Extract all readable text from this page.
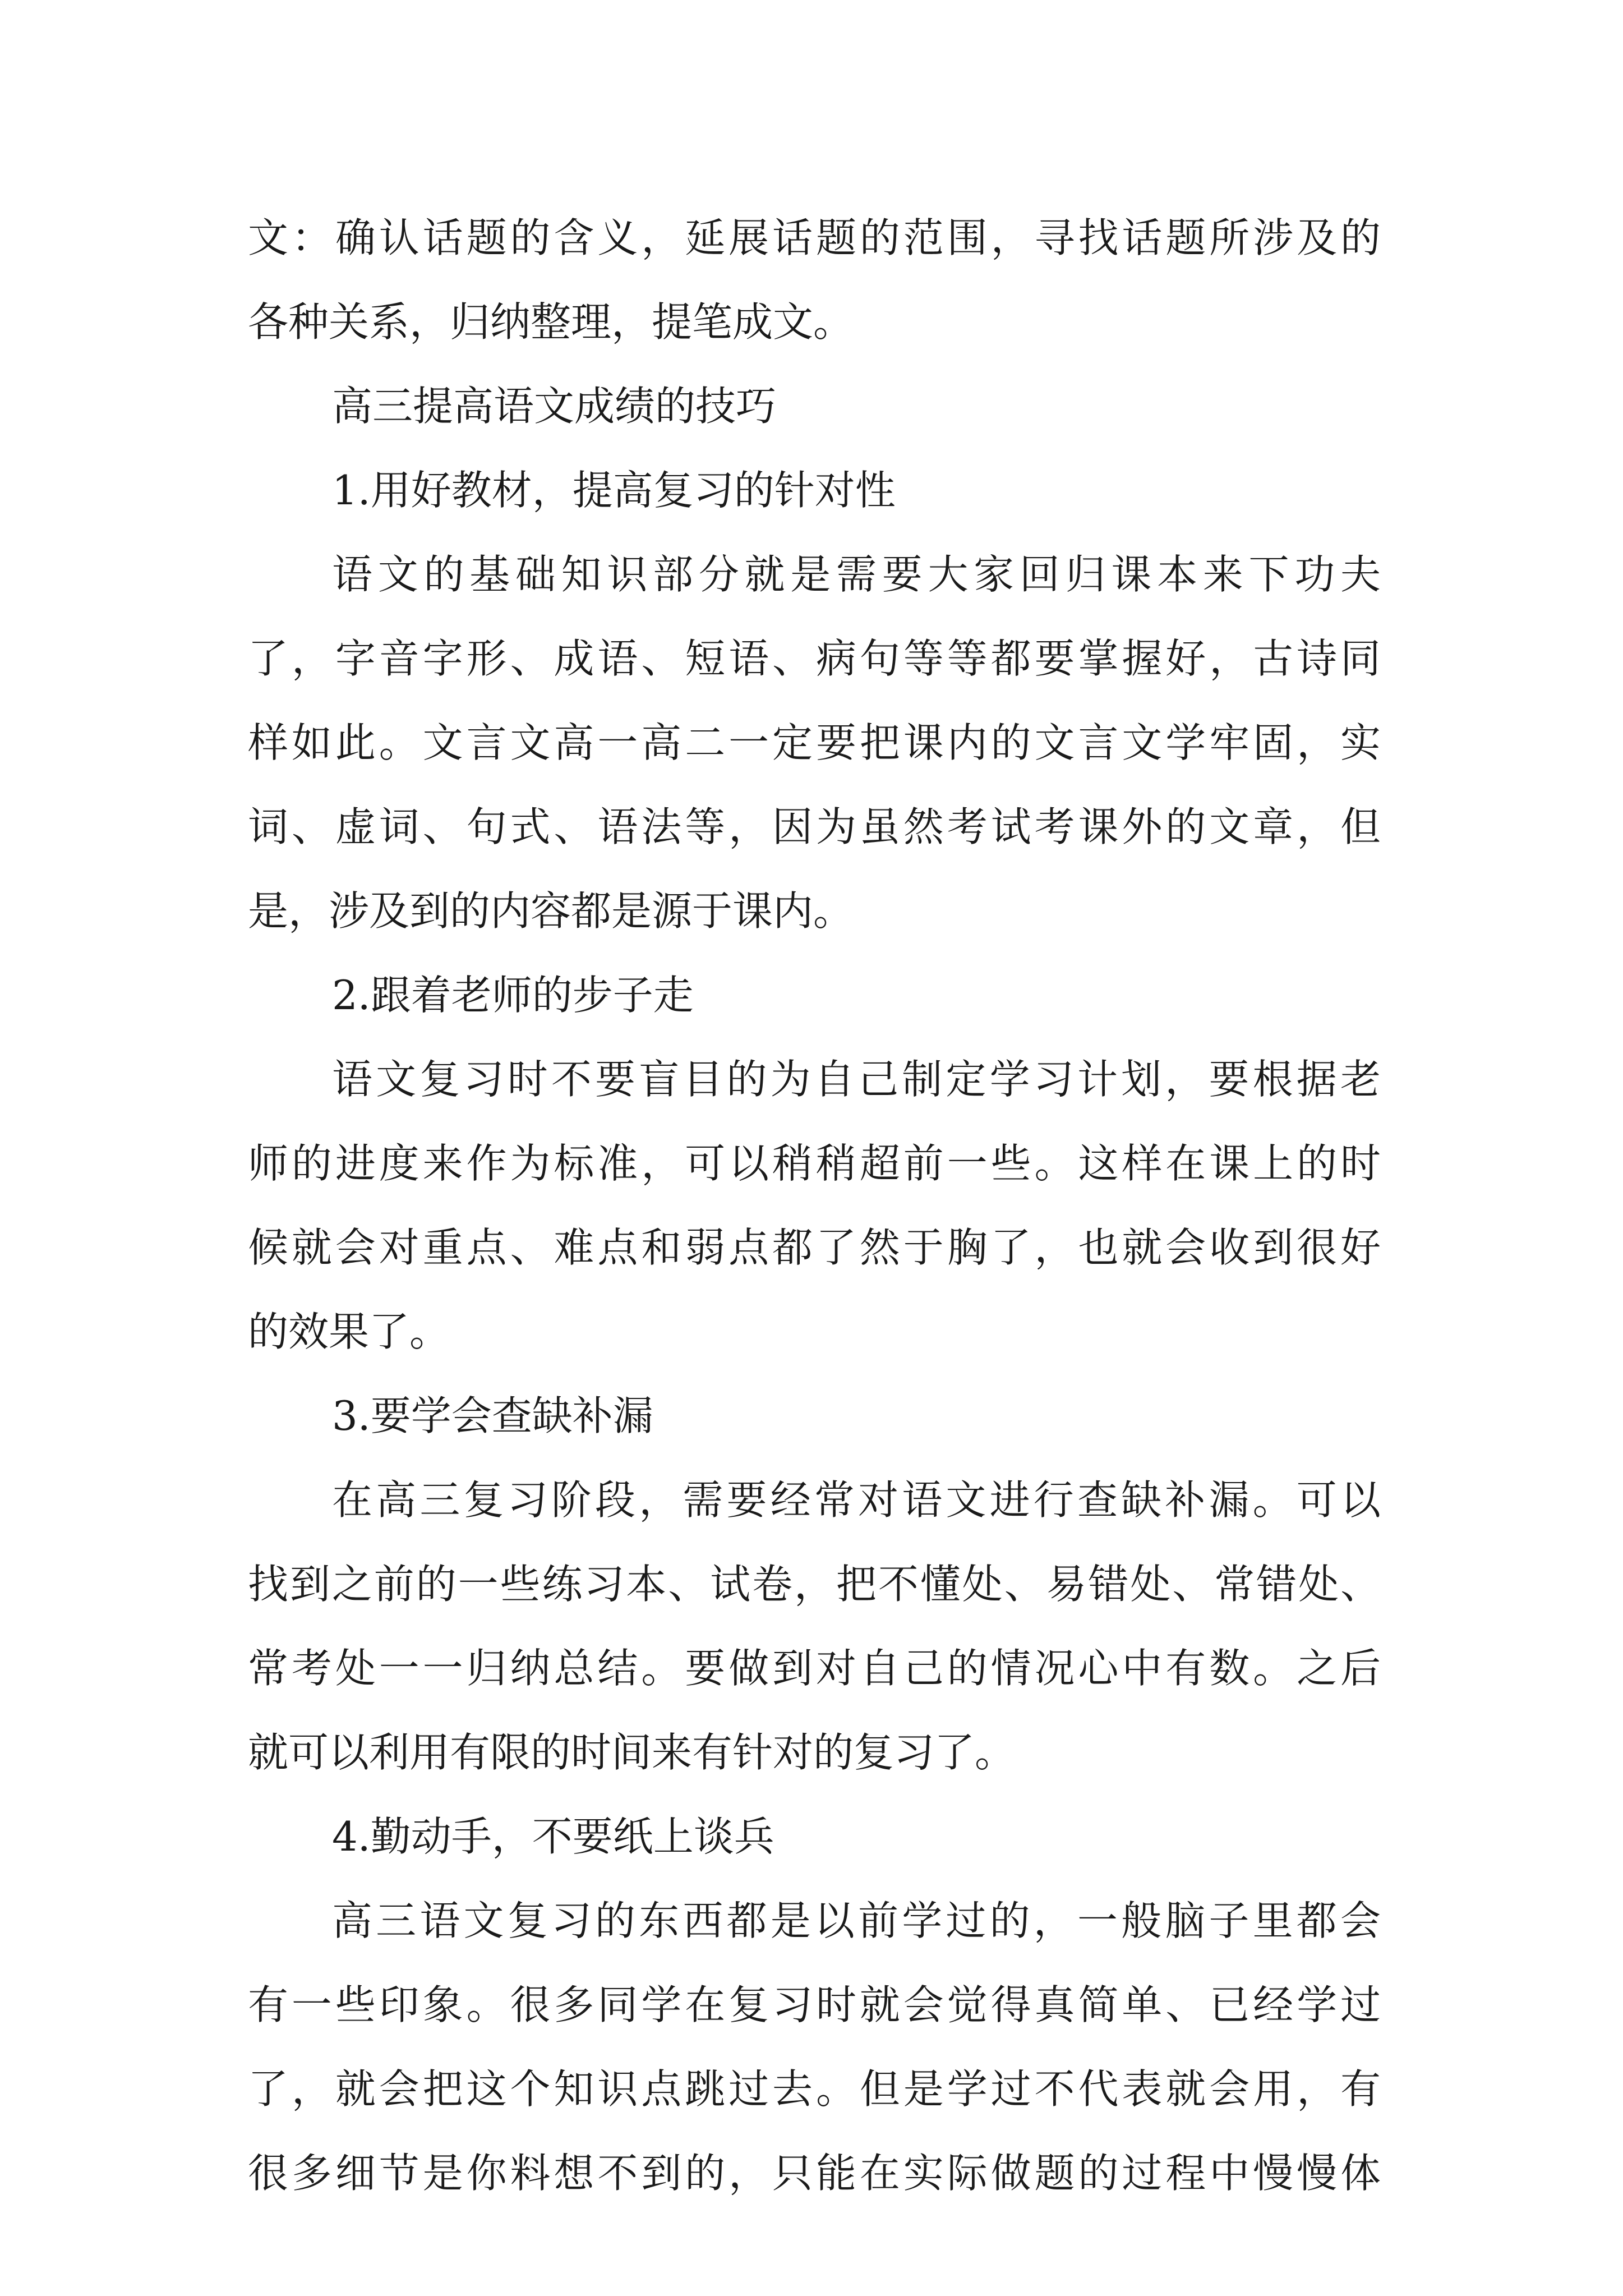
文：确认话题的含义，延展话题的范围，寻找话题所涉及的
各种关系，归纳整理，提笔成文。
高三提高语文成绩的技巧
1.用好教材，提高复习的针对性
语文的基础知识部分就是需要大家回归课本来下功夫
了，字音字形、成语、短语、病句等等都要掌握好，古诗同
样如此。文言文高一高二一定要把课内的文言文学牢固，实
词、虚词、句式、语法等，因为虽然考试考课外的文章，但
是，涉及到的内容都是源于课内。
2.跟着老师的步子走
语文复习时不要盲目的为自己制定学习计划，要根据老
师的进度来作为标准，可以稍稍超前一些。这样在课上的时
候就会对重点、难点和弱点都了然于胸了，也就会收到很好
的效果了。
3.要学会查缺补漏
在高三复习阶段，需要经常对语文进行查缺补漏。可以
找到之前的一些练习本、试卷，把不懂处、易错处、常错处、
常考处一一归纳总结。要做到对自己的情况心中有数。之后
就可以利用有限的时间来有针对的复习了。
4.勤动手，不要纸上谈兵
高三语文复习的东西都是以前学过的，一般脑子里都会
有一些印象。很多同学在复习时就会觉得真简单、已经学过
了，就会把这个知识点跳过去。但是学过不代表就会用，有
很多细节是你料想不到的，只能在实际做题的过程中慢慢体
